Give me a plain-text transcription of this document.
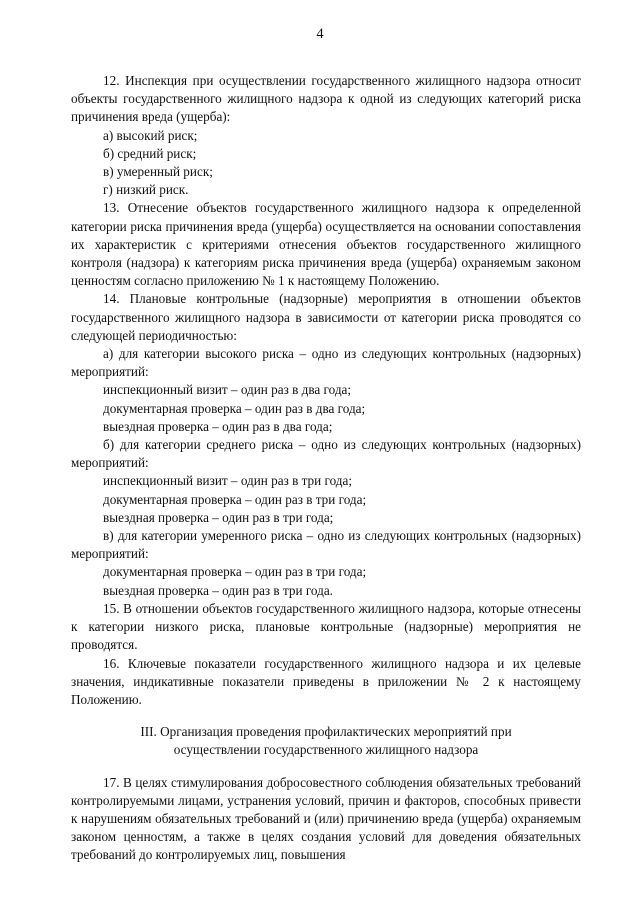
4

12. Инспекция при осуществлении государственного жилищного надзора относит объекты государственного жилищного надзора к одной из следующих категорий риска причинения вреда (ущерба):

а) высокий риск;

б) средний риск;

в) умеренный риск;

г) низкий риск.

13. Отнесение объектов государственного жилищного надзора к определенной категории риска причинения вреда (ущерба) осуществляется на основании сопоставления их характеристик с критериями отнесения объектов государственного жилищного контроля (надзора) к категориям риска причинения вреда (ущерба) охраняемым законом ценностям согласно приложению № 1 к настоящему Положению.

14. Плановые контрольные (надзорные) мероприятия в отношении объектов государственного жилищного надзора в зависимости от категории риска проводятся со следующей периодичностью:

а) для категории высокого риска – одно из следующих контрольных (надзорных) мероприятий:

инспекционный визит – один раз в два года;

документарная проверка – один раз в два года;

выездная проверка – один раз в два года;

б) для категории среднего риска – одно из следующих контрольных (надзорных) мероприятий:

инспекционный визит – один раз в три года;

документарная проверка – один раз в три года;

выездная проверка – один раз в три года;

в) для категории умеренного риска – одно из следующих контрольных (надзорных) мероприятий:

документарная проверка – один раз в три года;

выездная проверка – один раз в три года.

15. В отношении объектов государственного жилищного надзора, которые отнесены к категории низкого риска, плановые контрольные (надзорные) мероприятия не проводятся.

16. Ключевые показатели государственного жилищного надзора и их целевые значения, индикативные показатели приведены в приложении № 2 к настоящему Положению.

III. Организация проведения профилактических мероприятий при
осуществлении государственного жилищного надзора

17. В целях стимулирования добросовестного соблюдения обязательных требований контролируемыми лицами, устранения условий, причин и факторов, способных привести к нарушениям обязательных требований и (или) причинению вреда (ущерба) охраняемым законом ценностям, а также в целях создания условий для доведения обязательных требований до контролируемых лиц, повышения
